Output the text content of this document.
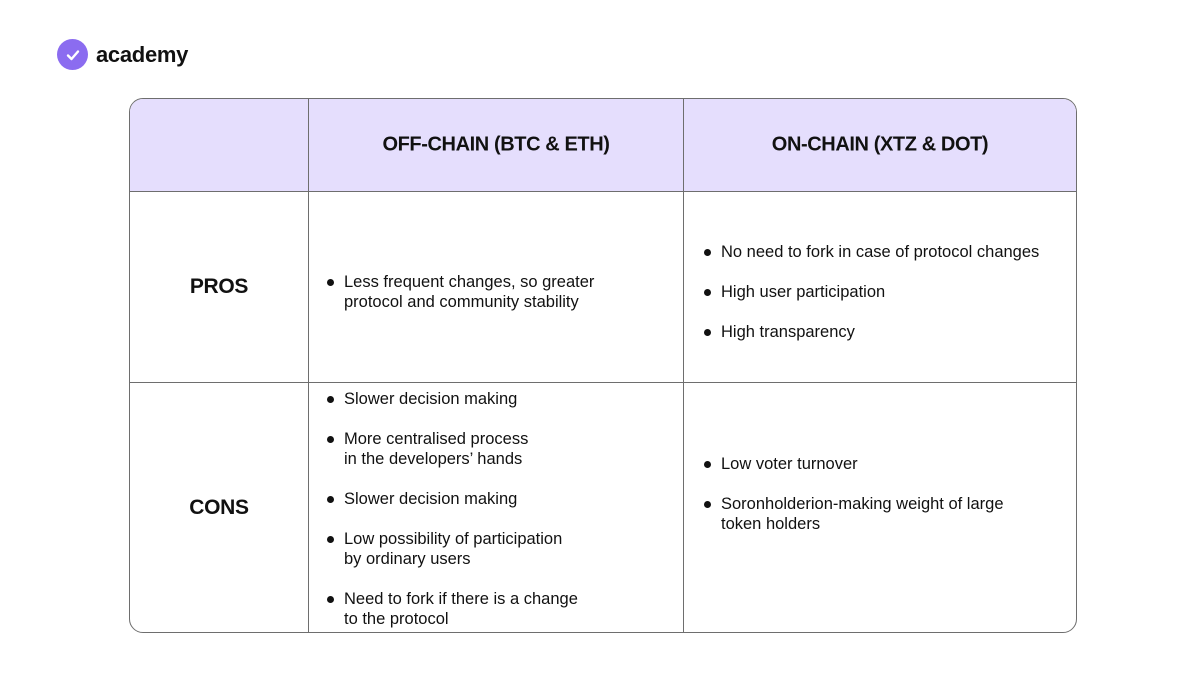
academy
OFF-CHAIN (BTC & ETH)	ON-CHAIN (XTZ & DOT)
PROS	Less frequent changes, so greater
protocol and community stability
No need to fork in case of protocol changes
High user participation
High transparency
CONS
Slower decision making
More centralised process
in the developers’ hands
Slower decision making
Low possibility of participation
by ordinary users
Need to fork if there is a change
to the protocol
Low voter turnover
Soronholderion-making weight of large
token holders
